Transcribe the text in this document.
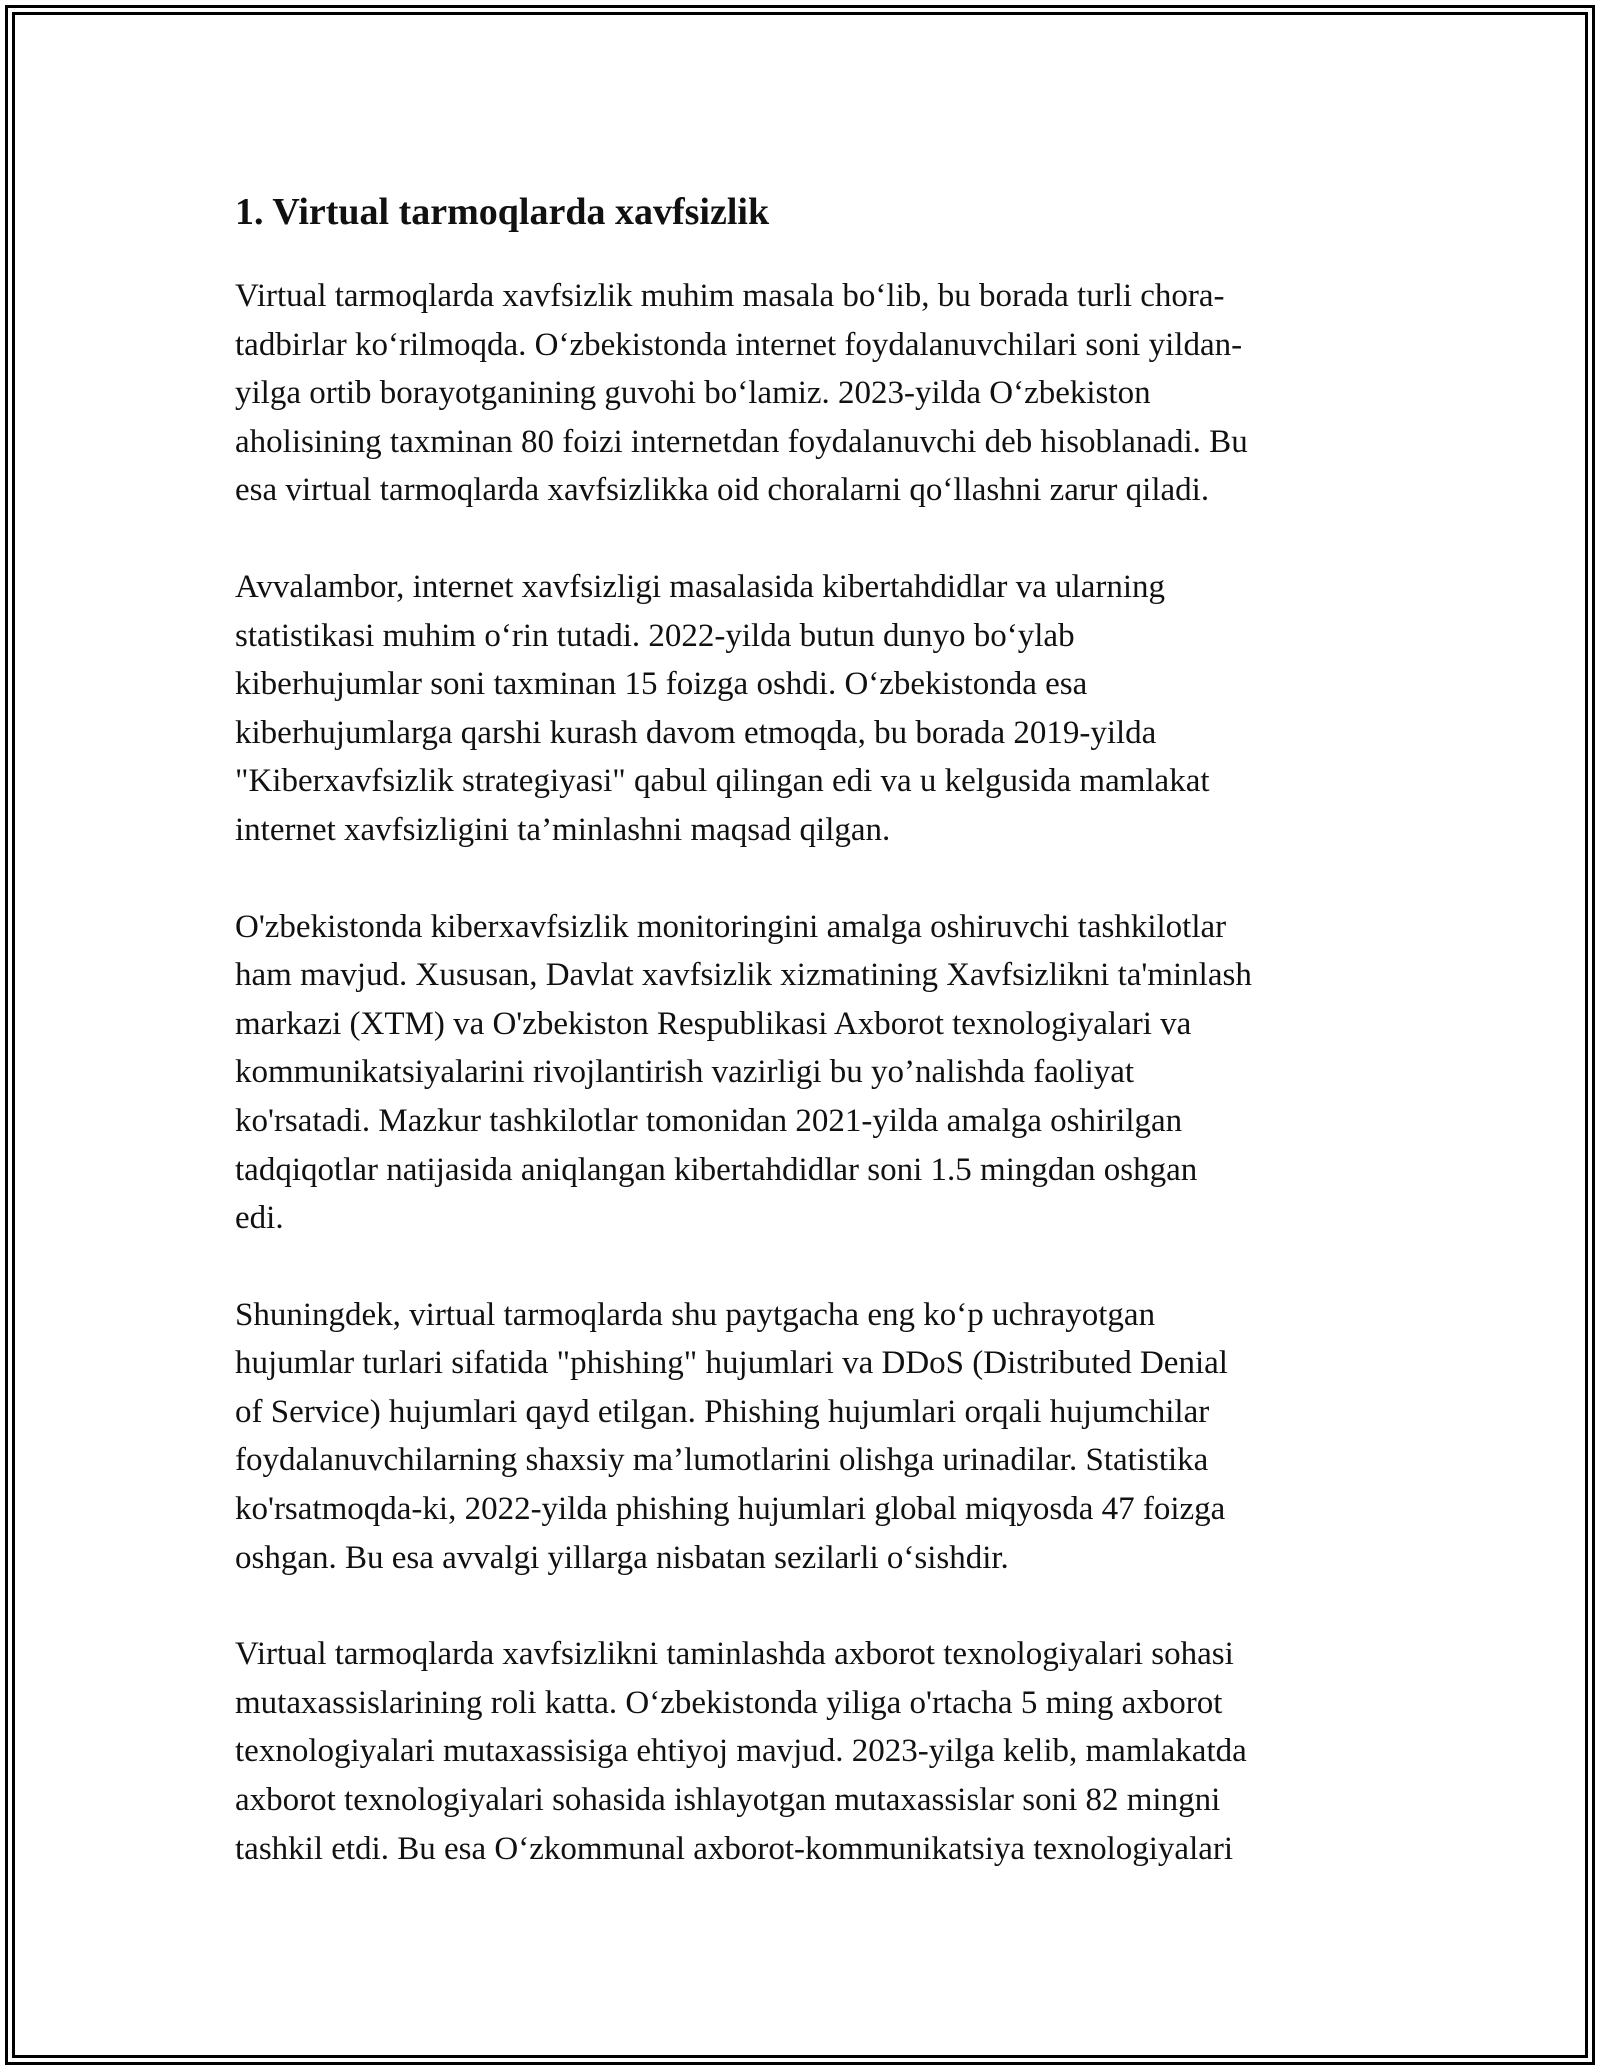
1. Virtual tarmoqlarda xavfsizlik

Virtual tarmoqlarda xavfsizlik muhim masala bo‘lib, bu borada turli chora-
tadbirlar ko‘rilmoqda. O‘zbekistonda internet foydalanuvchilari soni yildan-
yilga ortib borayotganining guvohi bo‘lamiz. 2023-yilda O‘zbekiston
aholisining taxminan 80 foizi internetdan foydalanuvchi deb hisoblanadi. Bu
esa virtual tarmoqlarda xavfsizlikka oid choralarni qo‘llashni zarur qiladi.

Avvalambor, internet xavfsizligi masalasida kibertahdidlar va ularning
statistikasi muhim o‘rin tutadi. 2022-yilda butun dunyo bo‘ylab
kiberhujumlar soni taxminan 15 foizga oshdi. O‘zbekistonda esa
kiberhujumlarga qarshi kurash davom etmoqda, bu borada 2019-yilda
"Kiberxavfsizlik strategiyasi" qabul qilingan edi va u kelgusida mamlakat
internet xavfsizligini ta’minlashni maqsad qilgan.

O'zbekistonda kiberxavfsizlik monitoringini amalga oshiruvchi tashkilotlar
ham mavjud. Xususan, Davlat xavfsizlik xizmatining Xavfsizlikni ta'minlash
markazi (XTM) va O'zbekiston Respublikasi Axborot texnologiyalari va
kommunikatsiyalarini rivojlantirish vazirligi bu yo’nalishda faoliyat
ko'rsatadi. Mazkur tashkilotlar tomonidan 2021-yilda amalga oshirilgan
tadqiqotlar natijasida aniqlangan kibertahdidlar soni 1.5 mingdan oshgan
edi.

Shuningdek, virtual tarmoqlarda shu paytgacha eng ko‘p uchrayotgan
hujumlar turlari sifatida "phishing" hujumlari va DDoS (Distributed Denial
of Service) hujumlari qayd etilgan. Phishing hujumlari orqali hujumchilar
foydalanuvchilarning shaxsiy ma’lumotlarini olishga urinadilar. Statistika
ko'rsatmoqda-ki, 2022-yilda phishing hujumlari global miqyosda 47 foizga
oshgan. Bu esa avvalgi yillarga nisbatan sezilarli o‘sishdir.

Virtual tarmoqlarda xavfsizlikni taminlashda axborot texnologiyalari sohasi
mutaxassislarining roli katta. O‘zbekistonda yiliga o'rtacha 5 ming axborot
texnologiyalari mutaxassisiga ehtiyoj mavjud. 2023-yilga kelib, mamlakatda
axborot texnologiyalari sohasida ishlayotgan mutaxassislar soni 82 mingni
tashkil etdi. Bu esa O‘zkommunal axborot-kommunikatsiya texnologiyalari
